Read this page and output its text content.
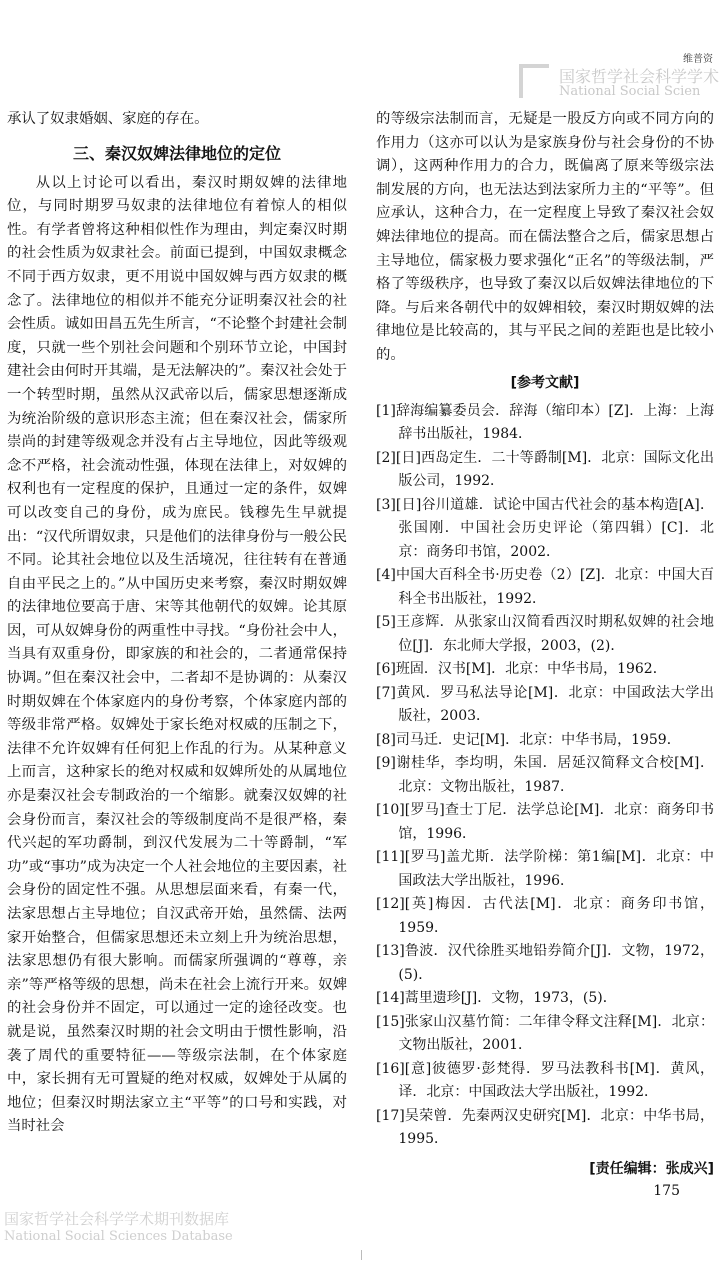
维普资
国家哲学社会科学学术
National Social Scien

承认了奴隶婚姻、家庭的存在。

三、秦汉奴婢法律地位的定位

从以上讨论可以看出，秦汉时期奴婢的法律地位，与同时期罗马奴隶的法律地位有着惊人的相似性。有学者曾将这种相似性作为理由，判定秦汉时期的社会性质为奴隶社会。前面已提到，中国奴隶概念不同于西方奴隶，更不用说中国奴婢与西方奴隶的概念了。法律地位的相似并不能充分证明秦汉社会的社会性质。诚如田昌五先生所言，“不论整个封建社会制度，只就一些个别社会问题和个别环节立论，中国封建社会由何时开其端，是无法解决的”。秦汉社会处于一个转型时期，虽然从汉武帝以后，儒家思想逐渐成为统治阶级的意识形态主流；但在秦汉社会，儒家所崇尚的封建等级观念并没有占主导地位，因此等级观念不严格，社会流动性强，体现在法律上，对奴婢的权利也有一定程度的保护，且通过一定的条件，奴婢可以改变自己的身份，成为庶民。钱穆先生早就提出：“汉代所谓奴隶，只是他们的法律身份与一般公民不同。论其社会地位以及生活境况，往往转有在普通自由平民之上的。”从中国历史来考察，秦汉时期奴婢的法律地位要高于唐、宋等其他朝代的奴婢。论其原因，可从奴婢身份的两重性中寻找。“身份社会中人，当具有双重身份，即家族的和社会的，二者通常保持协调。”但在秦汉社会中，二者却不是协调的：从秦汉时期奴婢在个体家庭内的身份考察，个体家庭内部的等级非常严格。奴婢处于家长绝对权威的压制之下，法律不允许奴婢有任何犯上作乱的行为。从某种意义上而言，这种家长的绝对权威和奴婢所处的从属地位亦是秦汉社会专制政治的一个缩影。就秦汉奴婢的社会身份而言，秦汉社会的等级制度尚不是很严格，秦代兴起的军功爵制，到汉代发展为二十等爵制，“军功”或“事功”成为决定一个人社会地位的主要因素，社会身份的固定性不强。从思想层面来看，有秦一代，法家思想占主导地位；自汉武帝开始，虽然儒、法两家开始整合，但儒家思想还未立刻上升为统治思想，法家思想仍有很大影响。而儒家所强调的“尊尊，亲亲”等严格等级的思想，尚未在社会上流行开来。奴婢的社会身份并不固定，可以通过一定的途径改变。也就是说，虽然秦汉时期的社会文明由于惯性影响，沿袭了周代的重要特征——等级宗法制，在个体家庭中，家长拥有无可置疑的绝对权威，奴婢处于从属的地位；但秦汉时期法家立主“平等”的口号和实践，对当时社会

的等级宗法制而言，无疑是一股反方向或不同方向的作用力（这亦可以认为是家族身份与社会身份的不协调），这两种作用力的合力，既偏离了原来等级宗法制发展的方向，也无法达到法家所力主的“平等”。但应承认，这种合力，在一定程度上导致了秦汉社会奴婢法律地位的提高。而在儒法整合之后，儒家思想占主导地位，儒家极力要求强化“正名”的等级法制，严格了等级秩序，也导致了秦汉以后奴婢法律地位的下降。与后来各朝代中的奴婢相较，秦汉时期奴婢的法律地位是比较高的，其与平民之间的差距也是比较小的。

[参考文献]
[1]辞海编纂委员会．辞海（缩印本）[Z]．上海：上海辞书出版社，1984．
[2][日]西岛定生．二十等爵制[M]．北京：国际文化出版公司，1992．
[3][日]谷川道雄．试论中国古代社会的基本构造[A]．张国刚．中国社会历史评论（第四辑）[C]．北京：商务印书馆，2002．
[4]中国大百科全书·历史卷（2）[Z]．北京：中国大百科全书出版社，1992．
[5]王彦辉．从张家山汉简看西汉时期私奴婢的社会地位[J]．东北师大学报，2003，(2)．
[6]班固．汉书[M]．北京：中华书局，1962．
[7]黄风．罗马私法导论[M]．北京：中国政法大学出版社，2003．
[8]司马迁．史记[M]．北京：中华书局，1959．
[9]谢桂华，李均明，朱国．居延汉简释文合校[M]．北京：文物出版社，1987．
[10][罗马]查士丁尼．法学总论[M]．北京：商务印书馆，1996．
[11][罗马]盖尤斯．法学阶梯：第1编[M]．北京：中国政法大学出版社，1996．
[12][英]梅因．古代法[M]．北京：商务印书馆，1959．
[13]鲁波．汉代徐胜买地铅券简介[J]．文物，1972，(5)．
[14]蒿里遗珍[J]．文物，1973，(5)．
[15]张家山汉墓竹简：二年律令释文注释[M]．北京：文物出版社，2001．
[16][意]彼德罗·彭梵得．罗马法教科书[M]．黄风，译．北京：中国政法大学出版社，1992．
[17]吴荣曾．先秦两汉史研究[M]．北京：中华书局，1995．
[责任编辑：张成兴]
175
国家哲学社会科学学术期刊数据库
National Social Sciences Database
